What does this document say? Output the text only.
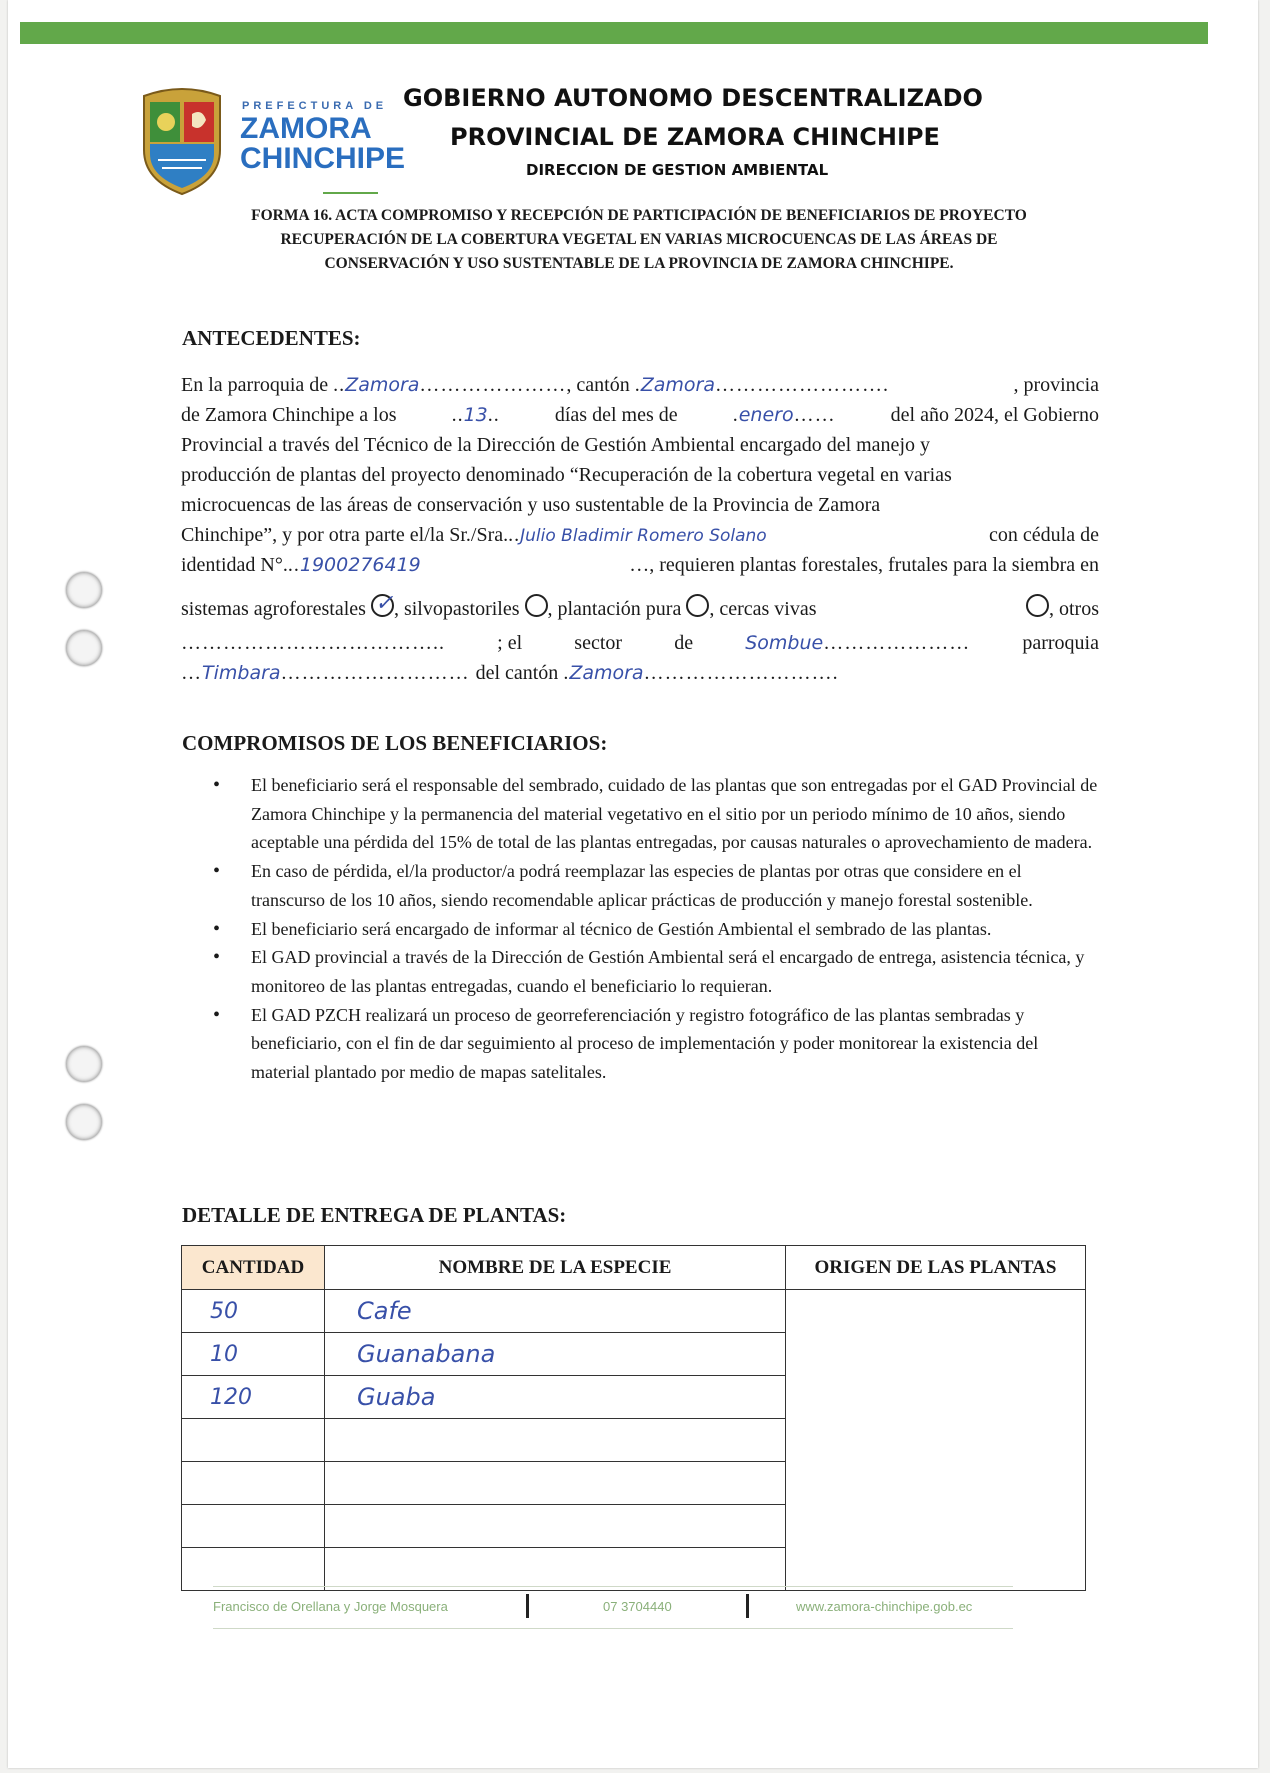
PREFECTURA DE
ZAMORA
CHINCHIPE
GOBIERNO AUTONOMO DESCENTRALIZADO
PROVINCIAL DE ZAMORA CHINCHIPE
DIRECCION DE GESTION AMBIENTAL
FORMA 16. ACTA COMPROMISO Y RECEPCIÓN DE PARTICIPACIÓN DE BENEFICIARIOS DE PROYECTO
RECUPERACIÓN DE LA COBERTURA VEGETAL EN VARIAS MICROCUENCAS DE LAS ÁREAS DE
CONSERVACIÓN Y USO SUSTENTABLE DE LA PROVINCIA DE ZAMORA CHINCHIPE.
ANTECEDENTES:
En la parroquia de ..Zamora…………………, cantón .Zamora…………………….	, provincia
de Zamora Chinchipe a los	..13..	días del mes de	.enero……	del año 2024, el Gobierno
Provincial a través del Técnico de la Dirección de Gestión Ambiental encargado del manejo y
producción de plantas del proyecto denominado “Recuperación de la cobertura vegetal en varias
microcuencas de las áreas de conservación y uso sustentable de la Provincia de Zamora
Chinchipe”, y por otra parte el/la Sr./Sra...Julio Bladimir Romero Solano	con cédula de
identidad N°...1900276419	…, requieren plantas forestales, frutales para la siembra en
sistemas agroforestales ✓ , silvopastoriles , plantación pura , cercas vivas	, otros
………………………………..	; el	sector	de	Sombue…………………	parroquia
…Timbara……………………… del cantón .Zamora……………………….
COMPROMISOS DE LOS BENEFICIARIOS:

• El beneficiario será el responsable del sembrado, cuidado de las plantas que son entregadas por el GAD Provincial de Zamora Chinchipe y la permanencia del material vegetativo en el sitio por un periodo mínimo de 10 años, siendo aceptable una pérdida del 15% de total de las plantas entregadas, por causas naturales o aprovechamiento de madera.

• En caso de pérdida, el/la productor/a podrá reemplazar las especies de plantas por otras que considere en el transcurso de los 10 años, siendo recomendable aplicar prácticas de producción y manejo forestal sostenible.

• El beneficiario será encargado de informar al técnico de Gestión Ambiental el sembrado de las plantas.

• El GAD provincial a través de la Dirección de Gestión Ambiental será el encargado de entrega, asistencia técnica, y monitoreo de las plantas entregadas, cuando el beneficiario lo requieran.

• El GAD PZCH realizará un proceso de georreferenciación y registro fotográfico de las plantas sembradas y beneficiario, con el fin de dar seguimiento al proceso de implementación y poder monitorear la existencia del material plantado por medio de mapas satelitales.

DETALLE DE ENTREGA DE PLANTAS:
CANTIDAD	NOMBRE DE LA ESPECIE	ORIGEN DE LAS PLANTAS
50	Cafe	
10	Guanabana	
120	Guaba	

Francisco de Orellana y Jorge Mosquera	07 3704440	www.zamora-chinchipe.gob.ec
